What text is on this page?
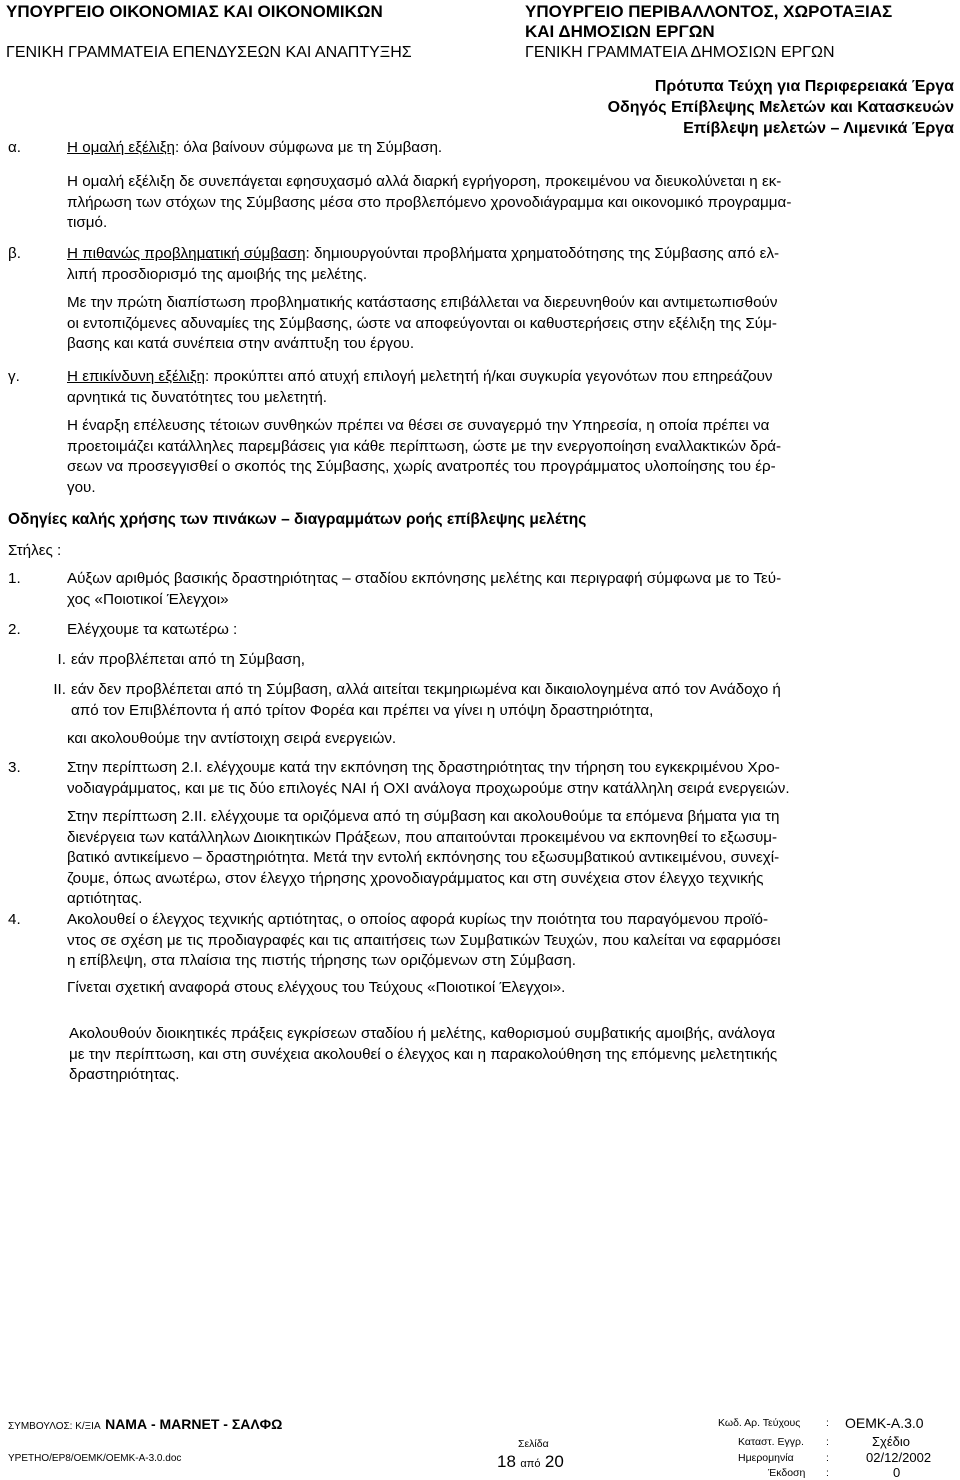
ΥΠΟΥΡΓΕΙΟ ΟΙΚΟΝΟΜΙΑΣ ΚΑΙ ΟΙΚΟΝΟΜΙΚΩΝ
ΓΕΝΙΚΗ ΓΡΑΜΜΑΤΕΙΑ ΕΠΕΝΔΥΣΕΩΝ ΚΑΙ ΑΝΑΠΤΥΞΗΣ
ΥΠΟΥΡΓΕΙΟ ΠΕΡΙΒΑΛΛΟΝΤΟΣ, ΧΩΡΟΤΑΞΙΑΣ
ΚΑΙ ΔΗΜΟΣΙΩΝ ΕΡΓΩΝ
ΓΕΝΙΚΗ ΓΡΑΜΜΑΤΕΙΑ ΔΗΜΟΣΙΩΝ ΕΡΓΩΝ
Πρότυπα Τεύχη για Περιφερειακά Έργα
Οδηγός Επίβλεψης Μελετών και Κατασκευών
Επίβλεψη μελετών – Λιμενικά Έργα
α.	Η ομαλή εξέλιξη: όλα βαίνουν σύμφωνα με τη Σύμβαση.
Η ομαλή εξέλιξη δε συνεπάγεται εφησυχασμό αλλά διαρκή εγρήγορση, προκειμένου να διευκολύνεται η εκ-
πλήρωση των στόχων της Σύμβασης μέσα στο προβλεπόμενο χρονοδιάγραμμα και οικονομικό προγραμμα-
τισμό.
β.	Η πιθανώς προβληματική σύμβαση: δημιουργούνται προβλήματα χρηματοδότησης της Σύμβασης από ελ-
λιπή προσδιορισμό της αμοιβής της μελέτης.
Με την πρώτη διαπίστωση προβληματικής κατάστασης επιβάλλεται να διερευνηθούν και αντιμετωπισθούν
οι εντοπιζόμενες αδυναμίες της Σύμβασης, ώστε να αποφεύγονται οι καθυστερήσεις στην εξέλιξη της Σύμ-
βασης και κατά συνέπεια στην ανάπτυξη του έργου.
γ.	Η επικίνδυνη εξέλιξη: προκύπτει από ατυχή επιλογή μελετητή ή/και συγκυρία γεγονότων που επηρεάζουν
αρνητικά τις δυνατότητες του μελετητή.
Η έναρξη επέλευσης τέτοιων συνθηκών πρέπει να θέσει σε συναγερμό την Υπηρεσία, η οποία πρέπει να
προετοιμάζει κατάλληλες παρεμβάσεις για κάθε περίπτωση, ώστε με την ενεργοποίηση εναλλακτικών δρά-
σεων να προσεγγισθεί ο σκοπός της Σύμβασης, χωρίς ανατροπές του προγράμματος υλοποίησης του έρ-
γου.
Οδηγίες καλής χρήσης των πινάκων – διαγραμμάτων ροής επίβλεψης μελέτης
Στήλες :
1.	Αύξων αριθμός βασικής δραστηριότητας – σταδίου εκπόνησης μελέτης και περιγραφή σύμφωνα με το Τεύ-
χος «Ποιοτικοί Έλεγχοι»
2.	Ελέγχουμε τα κατωτέρω :
I. εάν προβλέπεται από τη Σύμβαση,
II. εάν δεν προβλέπεται από τη Σύμβαση, αλλά αιτείται τεκμηριωμένα και δικαιολογημένα από τον Ανάδοχο ή
από τον Επιβλέποντα ή από τρίτον Φορέα και πρέπει να γίνει η υπόψη δραστηριότητα,
και ακολουθούμε την αντίστοιχη σειρά ενεργειών.
3.	Στην περίπτωση 2.Ι. ελέγχουμε κατά την εκπόνηση της δραστηριότητας την τήρηση του εγκεκριμένου Χρο-
νοδιαγράμματος, και με τις δύο επιλογές ΝΑΙ ή ΟΧΙ ανάλογα προχωρούμε στην κατάλληλη σειρά ενεργειών.
Στην περίπτωση 2.ΙΙ. ελέγχουμε τα οριζόμενα από τη σύμβαση και ακολουθούμε τα επόμενα βήματα για τη
διενέργεια των κατάλληλων Διοικητικών Πράξεων, που απαιτούνται προκειμένου να εκπονηθεί το εξωσυμ-
βατικό αντικείμενο – δραστηριότητα. Μετά την εντολή εκπόνησης του εξωσυμβατικού αντικειμένου, συνεχί-
ζουμε, όπως ανωτέρω, στον έλεγχο τήρησης χρονοδιαγράμματος και στη συνέχεια στον έλεγχο τεχνικής
αρτιότητας.
4.	Ακολουθεί ο έλεγχος τεχνικής αρτιότητας, ο οποίος αφορά κυρίως την ποιότητα του παραγόμενου προϊό-
ντος σε σχέση με τις προδιαγραφές και τις απαιτήσεις των Συμβατικών Τευχών, που καλείται να εφαρμόσει
η επίβλεψη, στα πλαίσια της πιστής τήρησης των οριζόμενων στη Σύμβαση.
Γίνεται σχετική αναφορά στους ελέγχους του Τεύχους «Ποιοτικοί Έλεγχοι».
Ακολουθούν διοικητικές πράξεις εγκρίσεων σταδίου ή μελέτης, καθορισμού συμβατικής αμοιβής, ανάλογα
με την περίπτωση, και στη συνέχεια ακολουθεί ο έλεγχος και η παρακολούθηση της επόμενης μελετητικής
δραστηριότητας.
ΣΥΜΒΟΥΛΟΣ: Κ/ΞΙΑ ΝΑΜΑ - ΜΑRΝΕΤ - ΣΑΛΦΩ
ΥΡΕΤΗΟ/ΕΡ8/ΟΕΜΚ/ΟΕΜΚ-Α-3.0.doc
Σελίδα
18 από 20
Κωδ. Αρ. Τεύχους : ΟΕΜΚ-Α.3.0
Καταστ. Εγγρ. :	Σχέδιο
Ημερομηνία	:	02/12/2002
Έκδοση :	0
